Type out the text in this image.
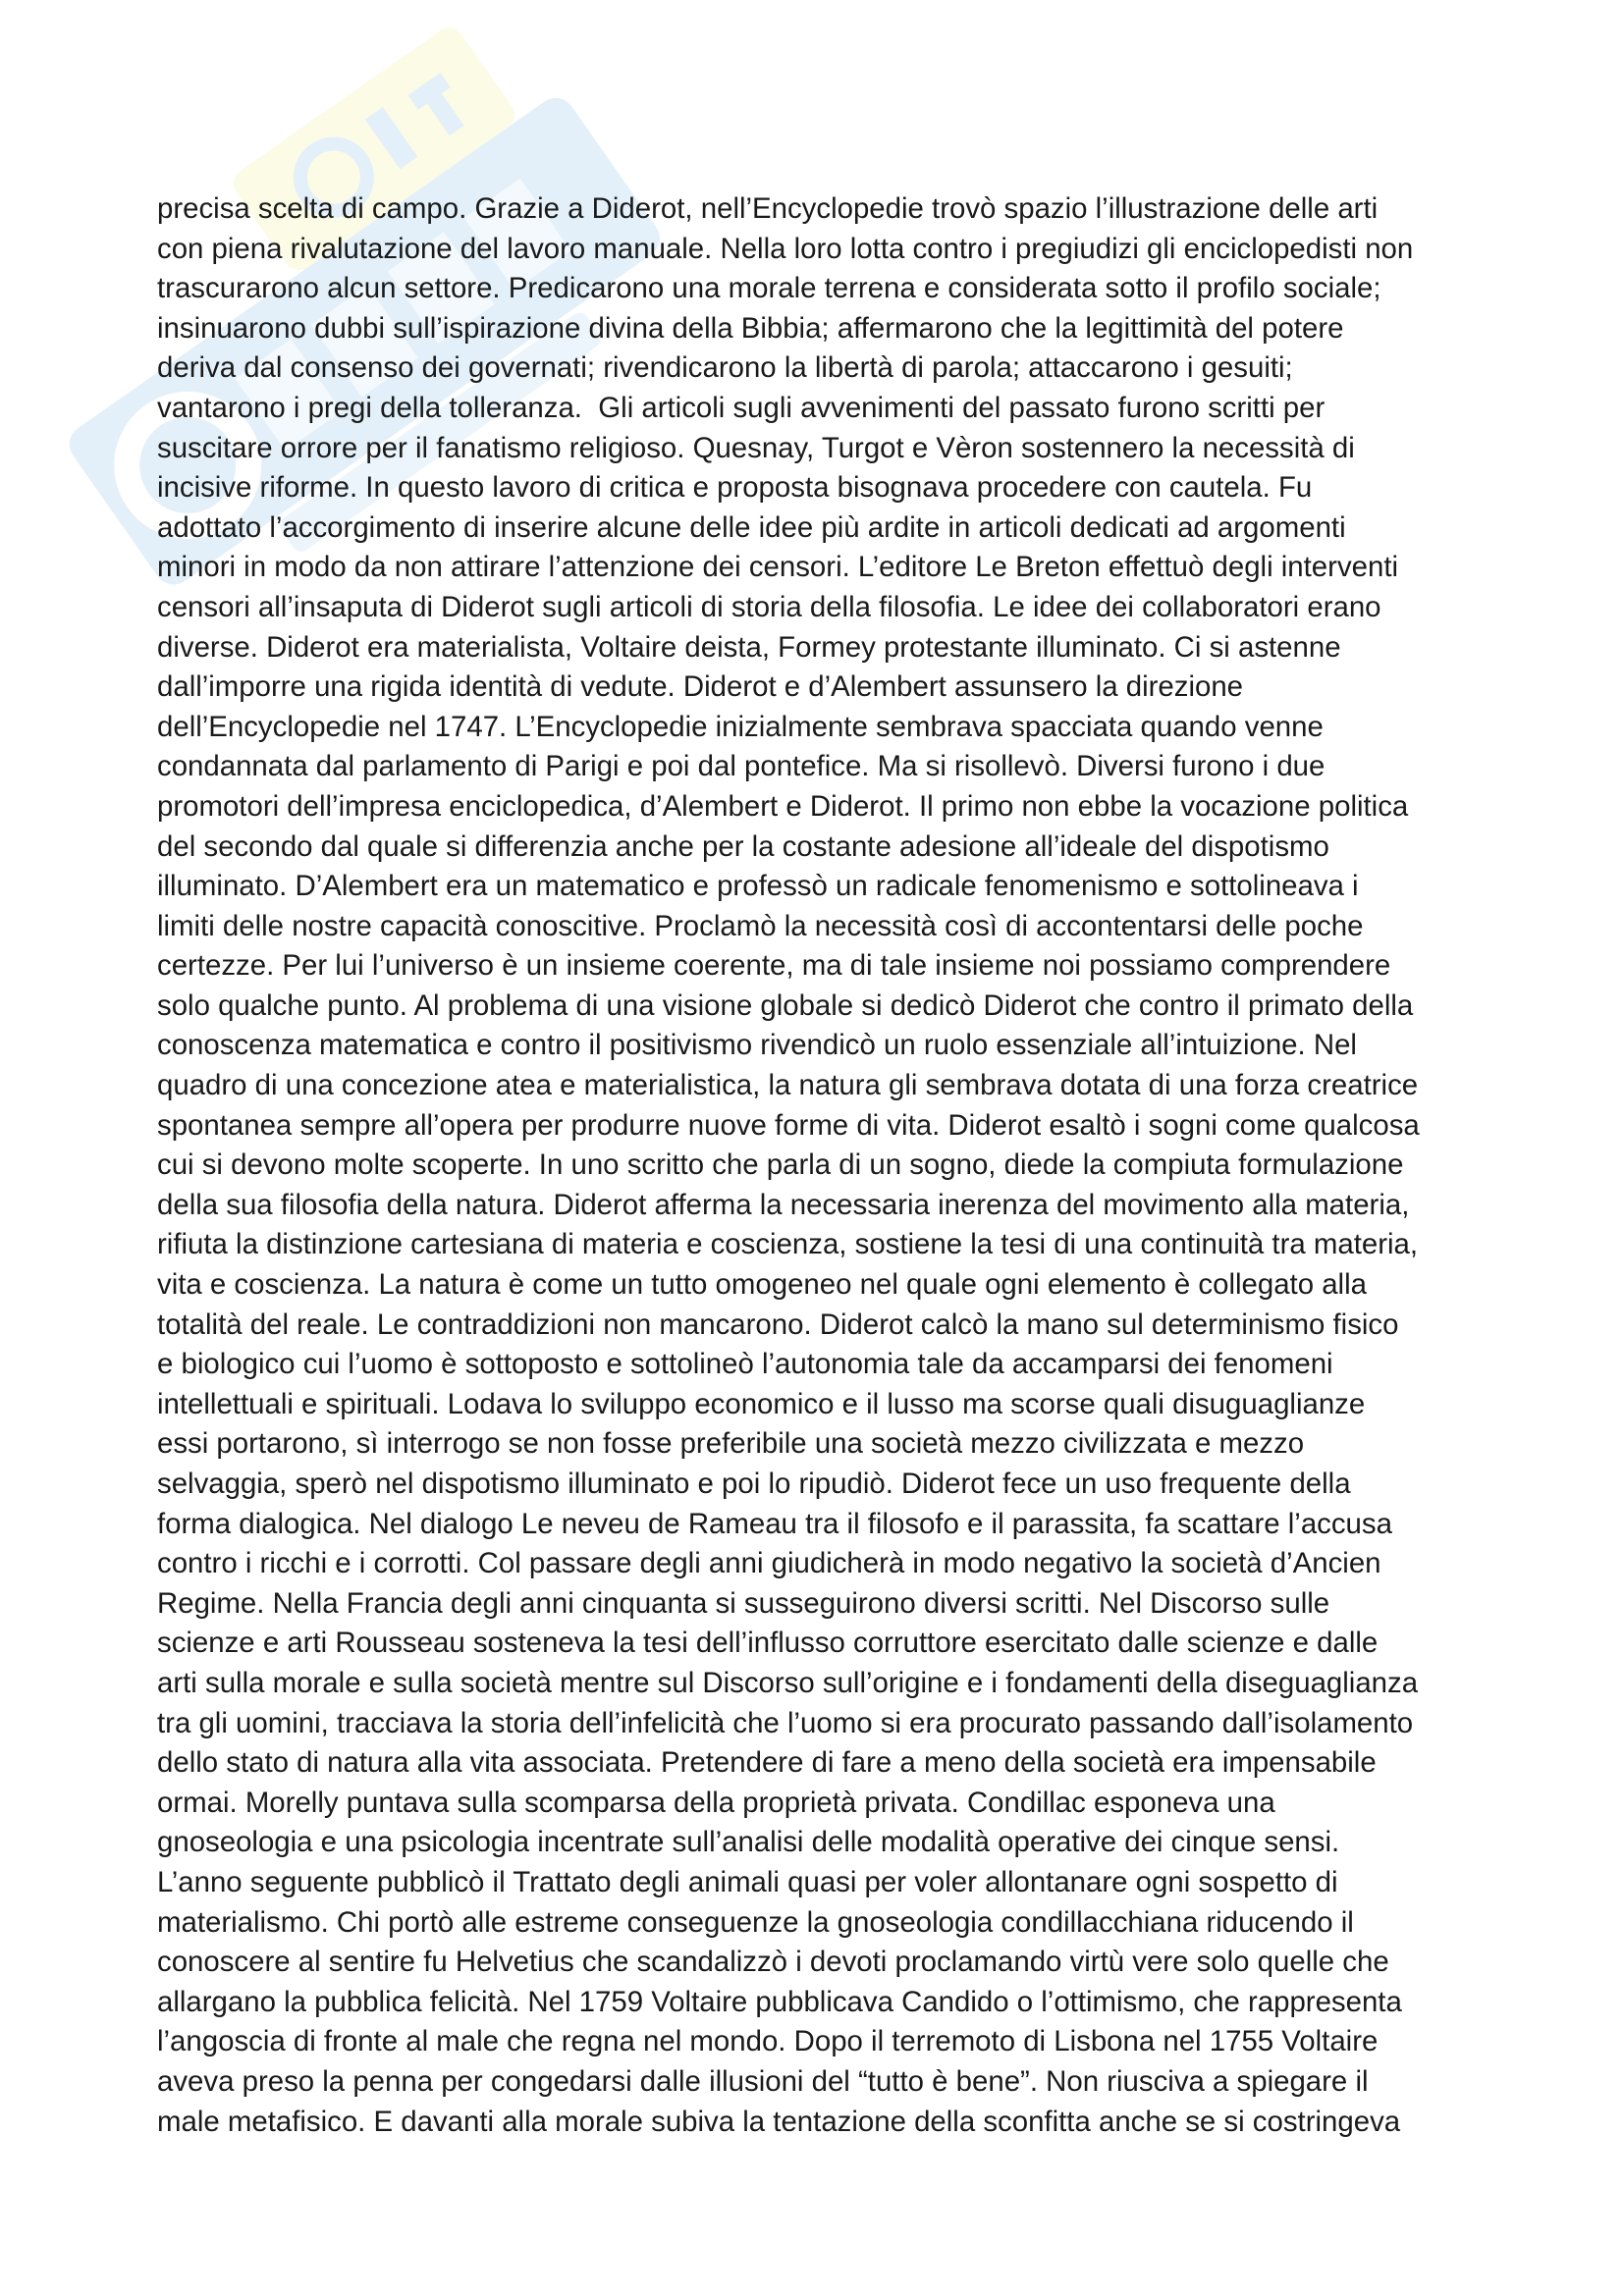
precisa scelta di campo. Grazie a Diderot, nell’Encyclopedie trovò spazio l’illustrazione delle arti
con piena rivalutazione del lavoro manuale. Nella loro lotta contro i pregiudizi gli enciclopedisti non
trascurarono alcun settore. Predicarono una morale terrena e considerata sotto il profilo sociale;
insinuarono dubbi sull’ispirazione divina della Bibbia; affermarono che la legittimità del potere
deriva dal consenso dei governati; rivendicarono la libertà di parola; attaccarono i gesuiti;
vantarono i pregi della tolleranza.  Gli articoli sugli avvenimenti del passato furono scritti per
suscitare orrore per il fanatismo religioso. Quesnay, Turgot e Vèron sostennero la necessità di
incisive riforme. In questo lavoro di critica e proposta bisognava procedere con cautela. Fu
adottato l’accorgimento di inserire alcune delle idee più ardite in articoli dedicati ad argomenti
minori in modo da non attirare l’attenzione dei censori. L’editore Le Breton effettuò degli interventi
censori all’insaputa di Diderot sugli articoli di storia della filosofia. Le idee dei collaboratori erano
diverse. Diderot era materialista, Voltaire deista, Formey protestante illuminato. Ci si astenne
dall’imporre una rigida identità di vedute. Diderot e d’Alembert assunsero la direzione
dell’Encyclopedie nel 1747. L’Encyclopedie inizialmente sembrava spacciata quando venne
condannata dal parlamento di Parigi e poi dal pontefice. Ma si risollevò. Diversi furono i due
promotori dell’impresa enciclopedica, d’Alembert e Diderot. Il primo non ebbe la vocazione politica
del secondo dal quale si differenzia anche per la costante adesione all’ideale del dispotismo
illuminato. D’Alembert era un matematico e professò un radicale fenomenismo e sottolineava i
limiti delle nostre capacità conoscitive. Proclamò la necessità così di accontentarsi delle poche
certezze. Per lui l’universo è un insieme coerente, ma di tale insieme noi possiamo comprendere
solo qualche punto. Al problema di una visione globale si dedicò Diderot che contro il primato della
conoscenza matematica e contro il positivismo rivendicò un ruolo essenziale all’intuizione. Nel
quadro di una concezione atea e materialistica, la natura gli sembrava dotata di una forza creatrice
spontanea sempre all’opera per produrre nuove forme di vita. Diderot esaltò i sogni come qualcosa
cui si devono molte scoperte. In uno scritto che parla di un sogno, diede la compiuta formulazione
della sua filosofia della natura. Diderot afferma la necessaria inerenza del movimento alla materia,
rifiuta la distinzione cartesiana di materia e coscienza, sostiene la tesi di una continuità tra materia,
vita e coscienza. La natura è come un tutto omogeneo nel quale ogni elemento è collegato alla
totalità del reale. Le contraddizioni non mancarono. Diderot calcò la mano sul determinismo fisico
e biologico cui l’uomo è sottoposto e sottolineò l’autonomia tale da accamparsi dei fenomeni
intellettuali e spirituali. Lodava lo sviluppo economico e il lusso ma scorse quali disuguaglianze
essi portarono, sì interrogo se non fosse preferibile una società mezzo civilizzata e mezzo
selvaggia, sperò nel dispotismo illuminato e poi lo ripudiò. Diderot fece un uso frequente della
forma dialogica. Nel dialogo Le neveu de Rameau tra il filosofo e il parassita, fa scattare l’accusa
contro i ricchi e i corrotti. Col passare degli anni giudicherà in modo negativo la società d’Ancien
Regime. Nella Francia degli anni cinquanta si susseguirono diversi scritti. Nel Discorso sulle
scienze e arti Rousseau sosteneva la tesi dell’influsso corruttore esercitato dalle scienze e dalle
arti sulla morale e sulla società mentre sul Discorso sull’origine e i fondamenti della diseguaglianza
tra gli uomini, tracciava la storia dell’infelicità che l’uomo si era procurato passando dall’isolamento
dello stato di natura alla vita associata. Pretendere di fare a meno della società era impensabile
ormai. Morelly puntava sulla scomparsa della proprietà privata. Condillac esponeva una
gnoseologia e una psicologia incentrate sull’analisi delle modalità operative dei cinque sensi.
L’anno seguente pubblicò il Trattato degli animali quasi per voler allontanare ogni sospetto di
materialismo. Chi portò alle estreme conseguenze la gnoseologia condillacchiana riducendo il
conoscere al sentire fu Helvetius che scandalizzò i devoti proclamando virtù vere solo quelle che
allargano la pubblica felicità. Nel 1759 Voltaire pubblicava Candido o l’ottimismo, che rappresenta
l’angoscia di fronte al male che regna nel mondo. Dopo il terremoto di Lisbona nel 1755 Voltaire
aveva preso la penna per congedarsi dalle illusioni del “tutto è bene”. Non riusciva a spiegare il
male metafisico. E davanti alla morale subiva la tentazione della sconfitta anche se si costringeva
